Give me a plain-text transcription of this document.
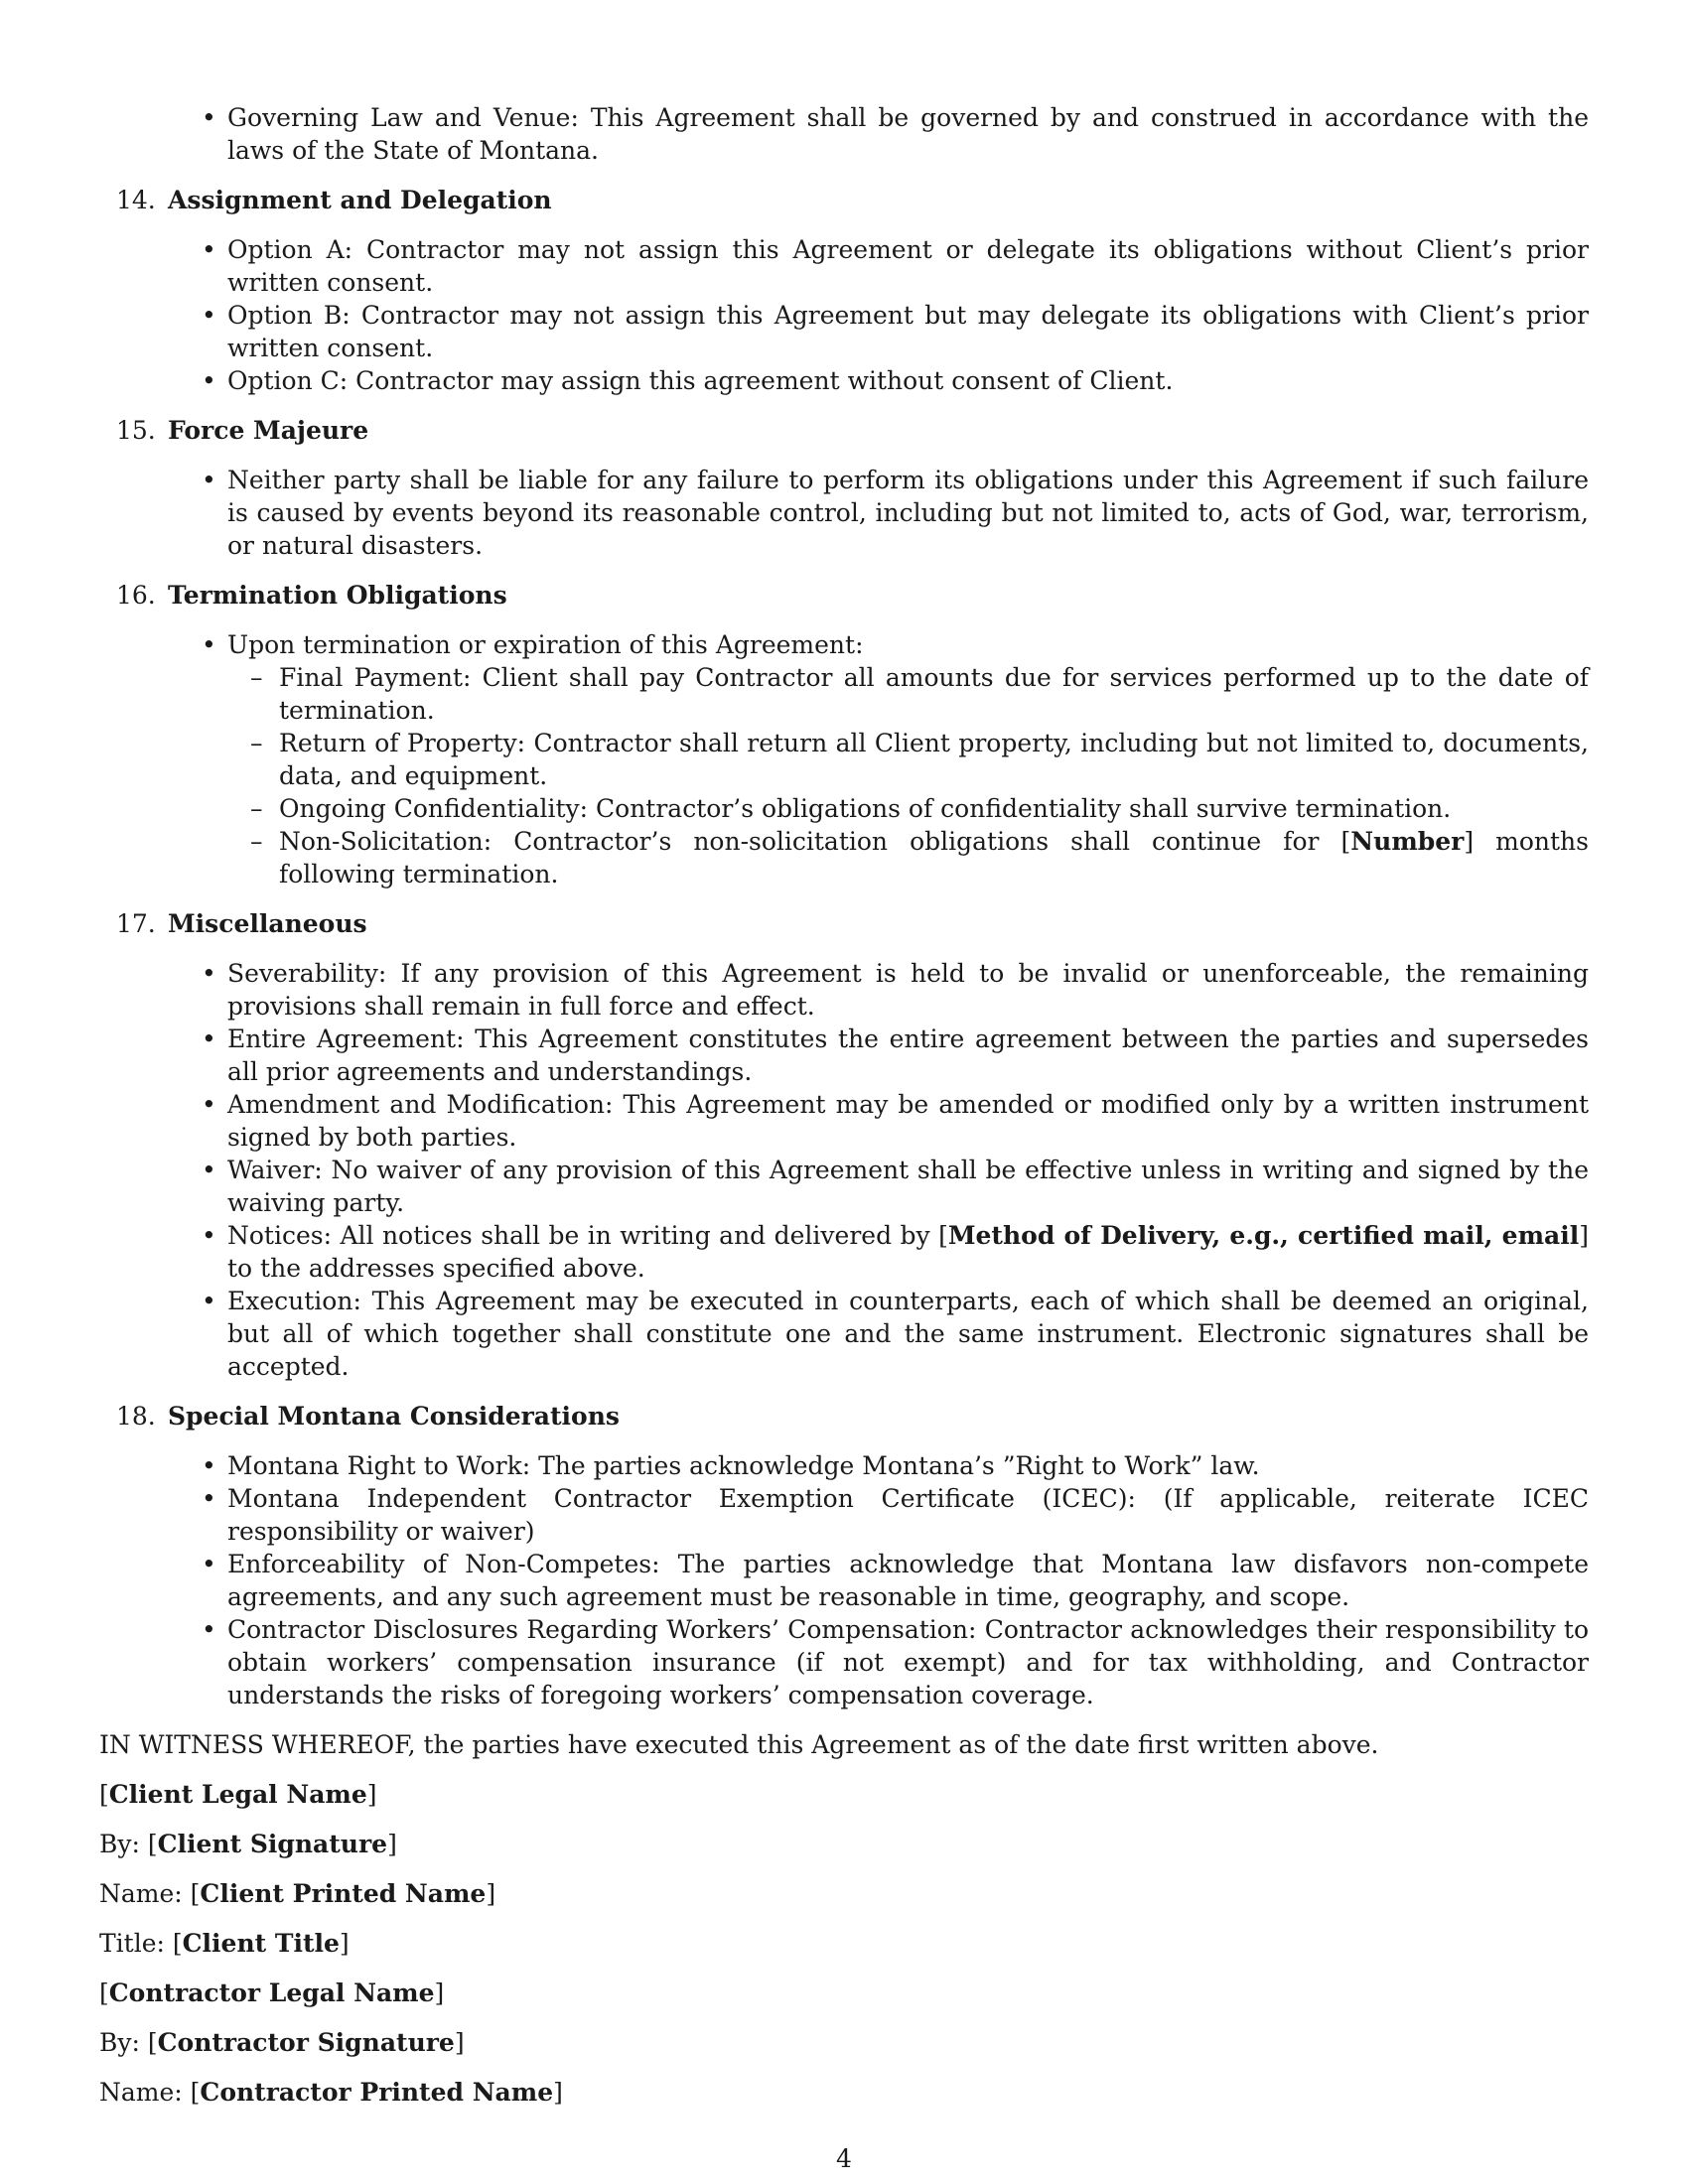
• Governing Law and Venue: This Agreement shall be governed by and construed in accordance with the laws of the State of Montana.
14. Assignment and Delegation
• Option A: Contractor may not assign this Agreement or delegate its obligations without Client’s prior written consent.
• Option B: Contractor may not assign this Agreement but may delegate its obligations with Client’s prior written consent.
• Option C: Contractor may assign this agreement without consent of Client.
15. Force Majeure
• Neither party shall be liable for any failure to perform its obligations under this Agreement if such failure is caused by events beyond its reasonable control, including but not limited to, acts of God, war, terrorism, or natural disasters.
16. Termination Obligations
• Upon termination or expiration of this Agreement:
– Final Payment: Client shall pay Contractor all amounts due for services performed up to the date of termination.
– Return of Property: Contractor shall return all Client property, including but not limited to, documents, data, and equipment.
– Ongoing Confidentiality: Contractor’s obligations of confidentiality shall survive termination.
– Non-Solicitation: Contractor’s non-solicitation obligations shall continue for [Number] months following termination.
17. Miscellaneous
• Severability: If any provision of this Agreement is held to be invalid or unenforceable, the remaining provisions shall remain in full force and effect.
• Entire Agreement: This Agreement constitutes the entire agreement between the parties and supersedes all prior agreements and understandings.
• Amendment and Modification: This Agreement may be amended or modified only by a written instrument signed by both parties.
• Waiver: No waiver of any provision of this Agreement shall be effective unless in writing and signed by the waiving party.
• Notices: All notices shall be in writing and delivered by [Method of Delivery, e.g., certified mail, email] to the addresses specified above.
• Execution: This Agreement may be executed in counterparts, each of which shall be deemed an original, but all of which together shall constitute one and the same instrument. Electronic signatures shall be accepted.
18. Special Montana Considerations
• Montana Right to Work: The parties acknowledge Montana’s ”Right to Work” law.
• Montana Independent Contractor Exemption Certificate (ICEC): (If applicable, reiterate ICEC responsibility or waiver)
• Enforceability of Non-Competes: The parties acknowledge that Montana law disfavors non-compete agreements, and any such agreement must be reasonable in time, geography, and scope.
• Contractor Disclosures Regarding Workers’ Compensation: Contractor acknowledges their responsibility to obtain workers’ compensation insurance (if not exempt) and for tax withholding, and Contractor understands the risks of foregoing workers’ compensation coverage.
IN WITNESS WHEREOF, the parties have executed this Agreement as of the date first written above.
[Client Legal Name]
By: [Client Signature]
Name: [Client Printed Name]
Title: [Client Title]
[Contractor Legal Name]
By: [Contractor Signature]
Name: [Contractor Printed Name]
4
